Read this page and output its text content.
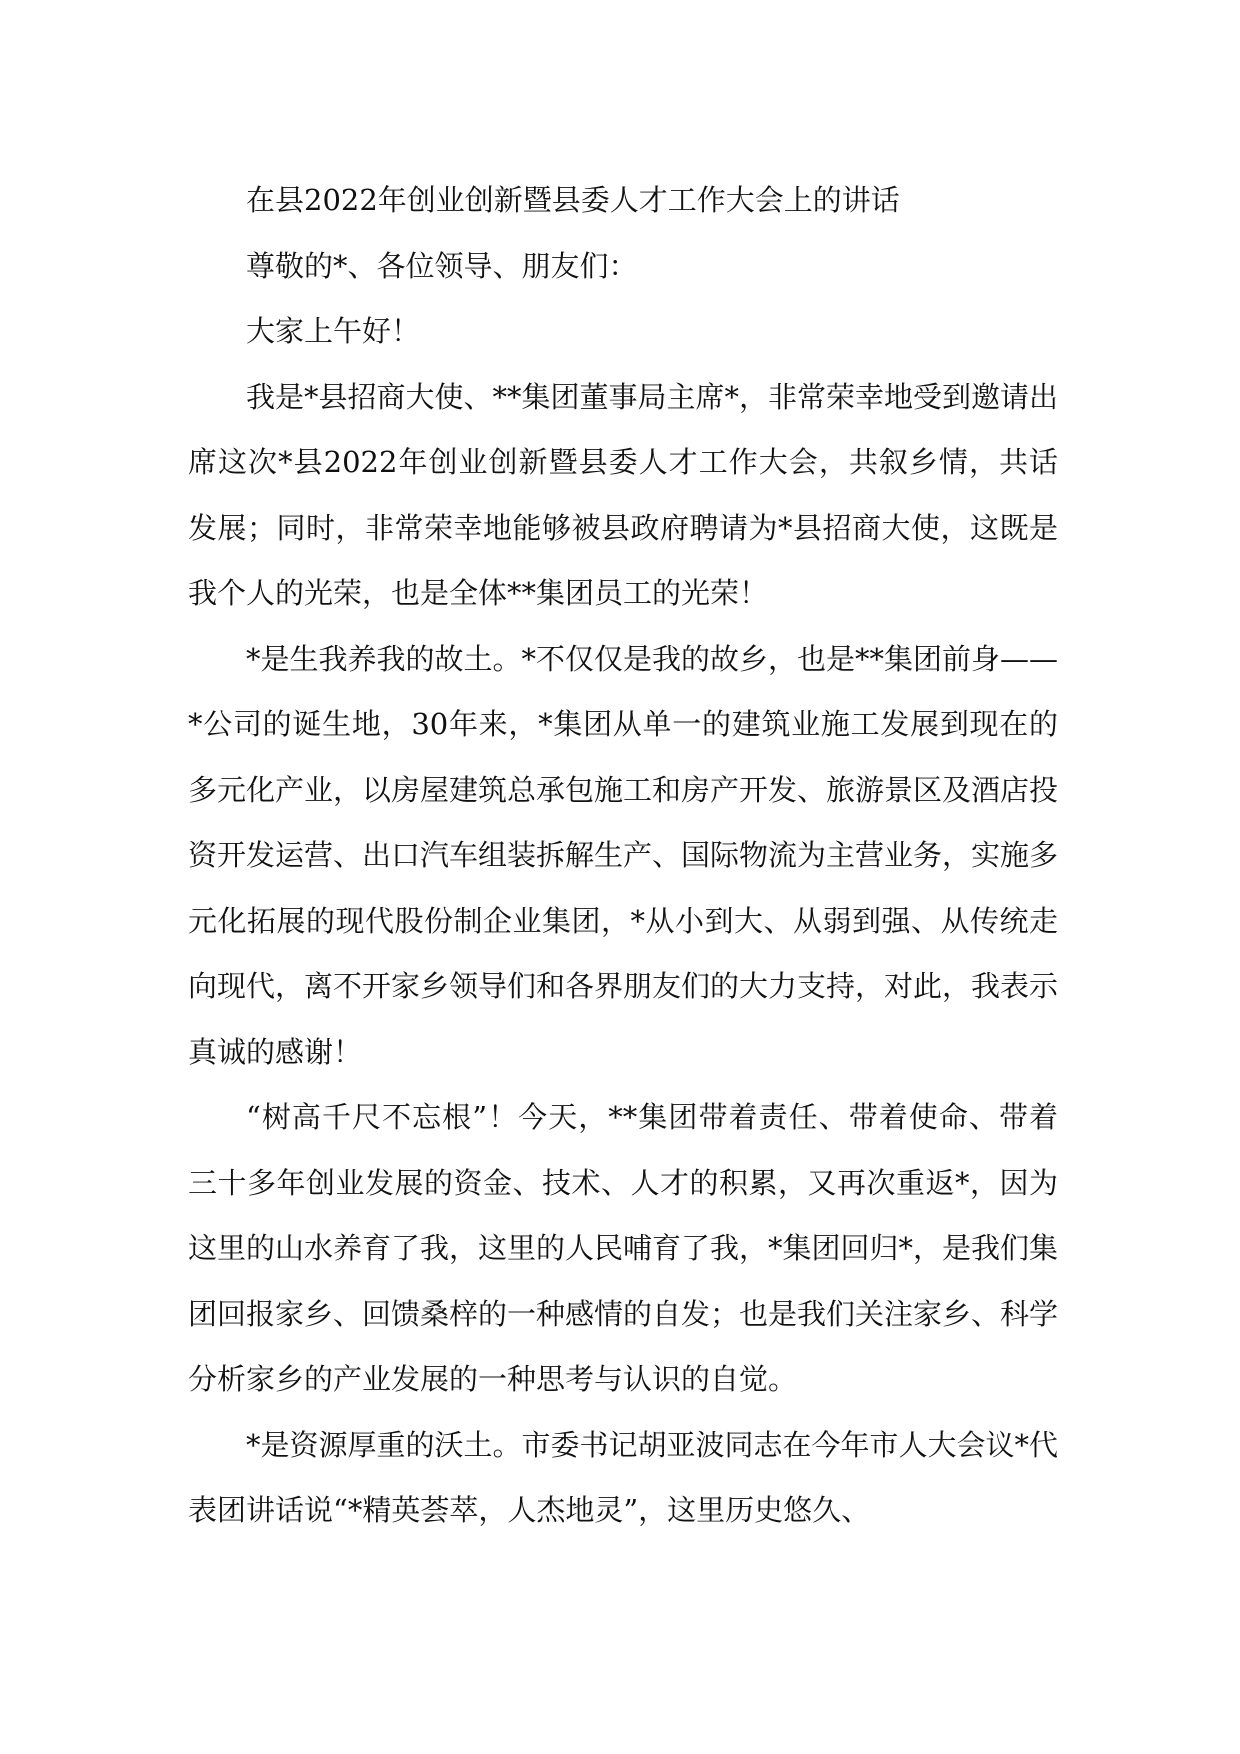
在县2022年创业创新暨县委人才工作大会上的讲话

尊敬的*、各位领导、朋友们：

大家上午好！

我是*县招商大使、**集团董事局主席*，非常荣幸地受到邀请出席这次*县2022年创业创新暨县委人才工作大会，共叙乡情，共话发展；同时，非常荣幸地能够被县政府聘请为*县招商大使，这既是我个人的光荣，也是全体**集团员工的光荣！

*是生我养我的故土。*不仅仅是我的故乡，也是**集团前身——*公司的诞生地，30年来，*集团从单一的建筑业施工发展到现在的多元化产业，以房屋建筑总承包施工和房产开发、旅游景区及酒店投资开发运营、出口汽车组装拆解生产、国际物流为主营业务，实施多元化拓展的现代股份制企业集团，*从小到大、从弱到强、从传统走向现代，离不开家乡领导们和各界朋友们的大力支持，对此，我表示真诚的感谢！

“树高千尺不忘根”！今天，**集团带着责任、带着使命、带着三十多年创业发展的资金、技术、人才的积累，又再次重返*，因为这里的山水养育了我，这里的人民哺育了我，*集团回归*，是我们集团回报家乡、回馈桑梓的一种感情的自发；也是我们关注家乡、科学分析家乡的产业发展的一种思考与认识的自觉。

*是资源厚重的沃土。市委书记胡亚波同志在今年市人大会议*代表团讲话说“*精英荟萃，人杰地灵”，这里历史悠久、
